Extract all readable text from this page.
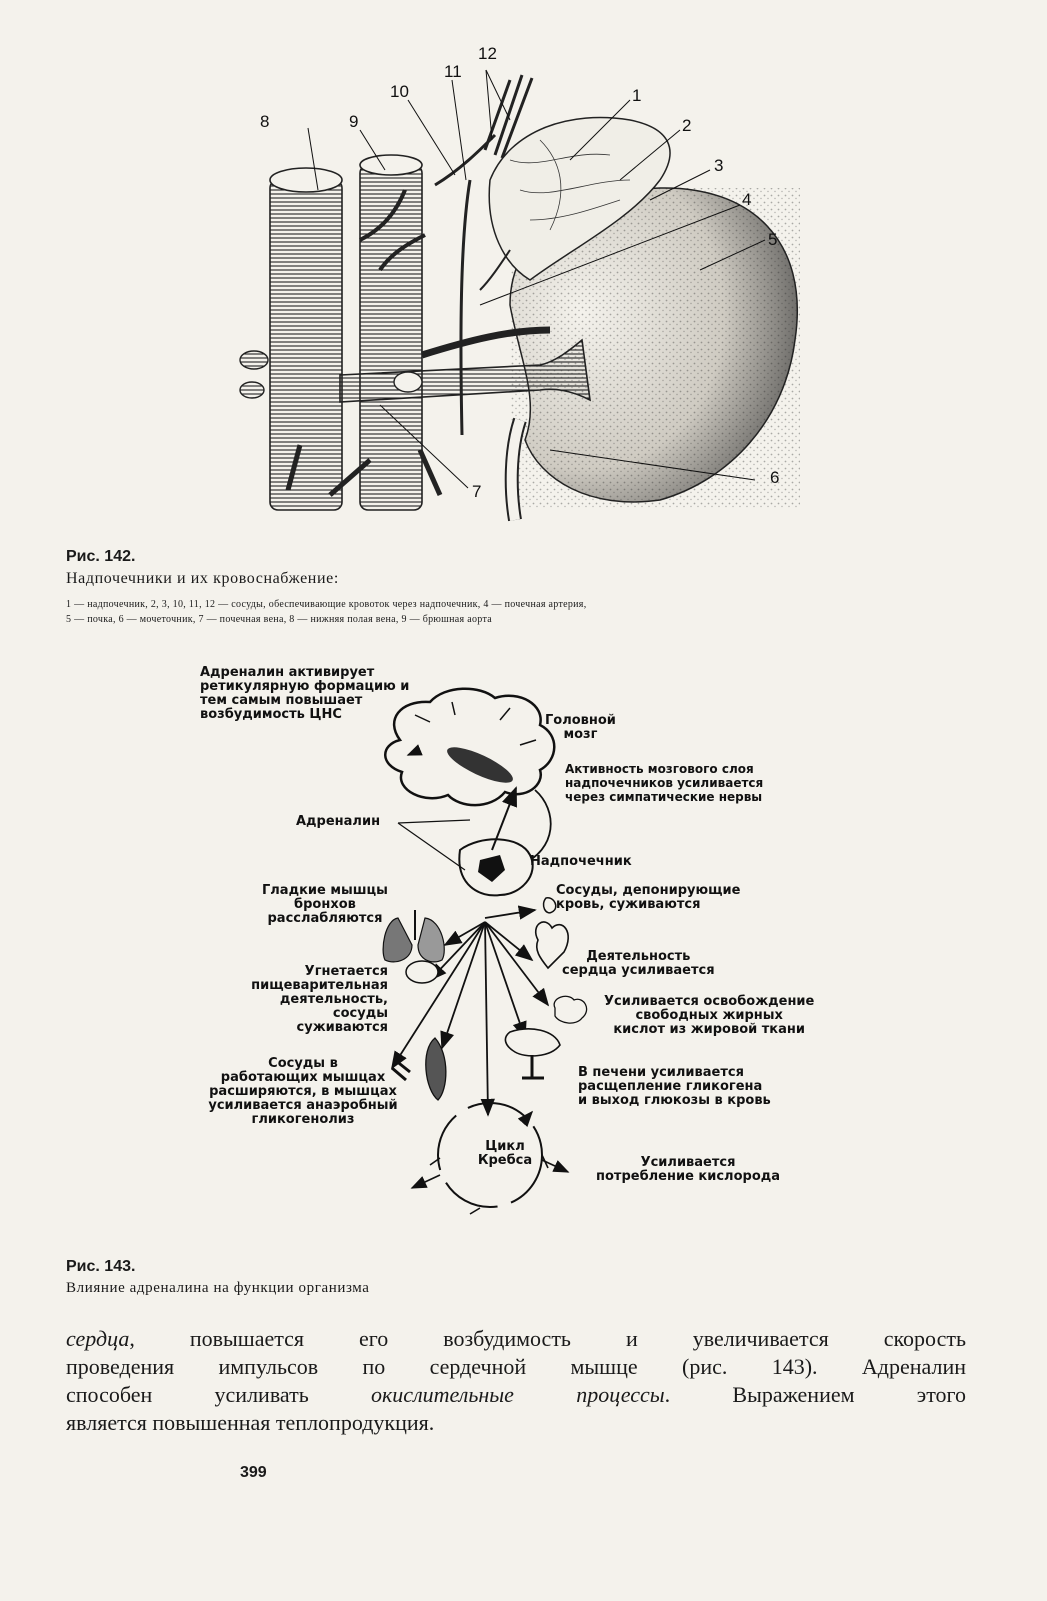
8	9
10
11
12
1
2
3
4
5
6
7
Рис. 142.
Надпочечники и их кровоснабжение:
1 — надпочечник, 2, 3, 10, 11, 12 — сосуды, обеспечивающие кровоток через надпочечник, 4 — почечная артерия,
5 — почка, 6 — мочеточник, 7 — почечная вена, 8 — нижняя полая вена, 9 — брюшная аорта
Адреналин активирует
ретикулярную формацию и
тем самым повышает
возбудимость ЦНС	Головной
мозг
Активность мозгового слоя
надпочечников усиливается
через симпатические нервы
Адреналин
Надпочечник
Гладкие мышцы
бронхов
расслабляются
Сосуды, депонирующие
кровь, суживаются
Деятельность
сердца усиливается
Угнетается
пищеварительная
деятельность,
сосуды суживаются
Усиливается освобождение
свободных жирных
кислот из жировой ткани
Сосуды в
работающих мышцах
расширяются, в мышцах
усиливается анаэробный
гликогенолиз
В печени усиливается
расщепление гликогена
и выход глюкозы в кровь
Цикл
Кребса	Усиливается
потребление кислорода
Рис. 143.
Влияние адреналина на функции организма
сердца, повышается его возбудимость и увеличивается скорость
проведения импульсов по сердечной мышце (рис. 143). Адреналин
способен усиливать окислительные процессы. Выражением этого
является повышенная теплопродукция.
399
